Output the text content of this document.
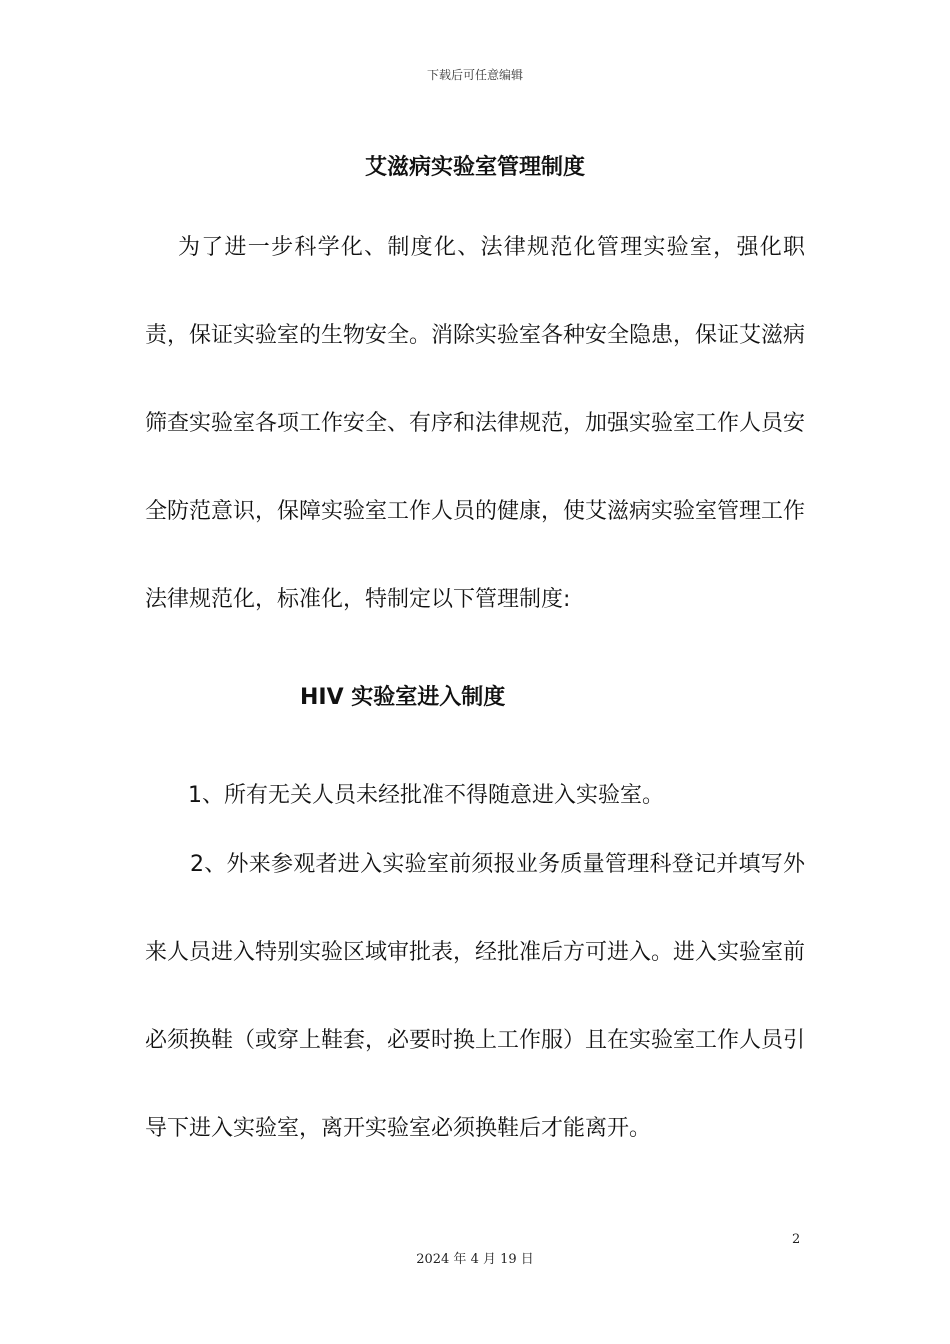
下载后可任意编辑
艾滋病实验室管理制度

为了进一步科学化、制度化、法律规范化管理实验室，强化职责，保证实验室的生物安全。消除实验室各种安全隐患，保证艾滋病筛查实验室各项工作安全、有序和法律规范，加强实验室工作人员安全防范意识，保障实验室工作人员的健康，使艾滋病实验室管理工作法律规范化，标准化，特制定以下管理制度:

HIV 实验室进入制度
1、所有无关人员未经批准不得随意进入实验室。

2、外来参观者进入实验室前须报业务质量管理科登记并填写外来人员进入特别实验区域审批表，经批准后方可进入。进入实验室前必须换鞋（或穿上鞋套，必要时换上工作服）且在实验室工作人员引导下进入实验室，离开实验室必须换鞋后才能离开。

2
2024 年 4 月 19 日
